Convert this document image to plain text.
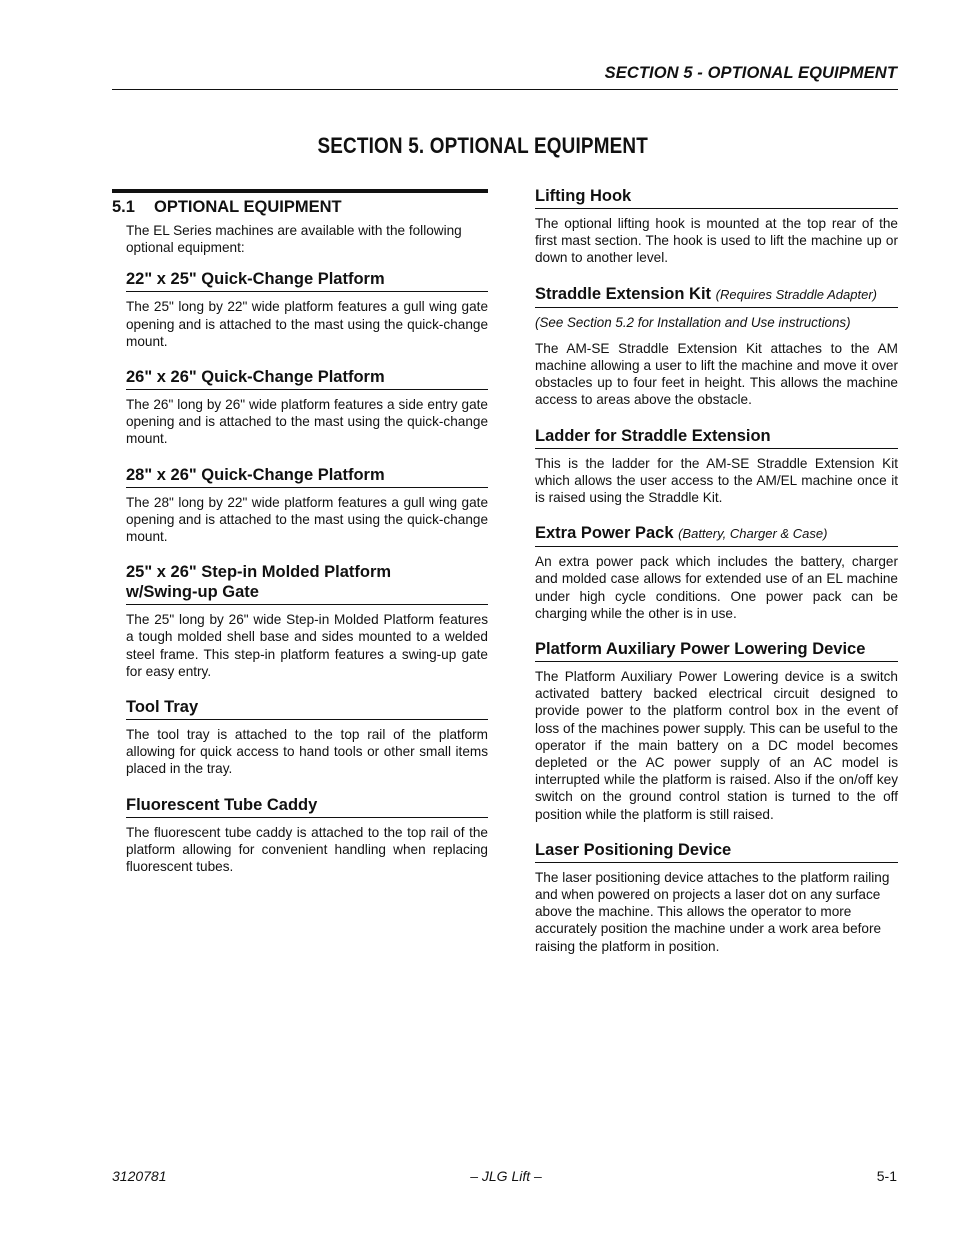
SECTION 5 - OPTIONAL EQUIPMENT
SECTION 5. OPTIONAL EQUIPMENT
5.1	OPTIONAL EQUIPMENT

The EL Series machines are available with the following optional equipment:

22" x 25" Quick-Change Platform

The 25" long by 22" wide platform features a gull wing gate opening and is attached to the mast using the quick-change mount.

26" x 26" Quick-Change Platform

The 26" long by 26" wide platform features a side entry gate opening and is attached to the mast using the quick-change mount.

28" x 26" Quick-Change Platform

The 28" long by 22" wide platform features a gull wing gate opening and is attached to the mast using the quick-change mount.

25" x 26" Step-in Molded Platform
w/Swing-up Gate

The 25" long by 26" wide Step-in Molded Platform features a tough molded shell base and sides mounted to a welded steel frame. This step-in platform features a swing-up gate for easy entry.

Tool Tray

The tool tray is attached to the top rail of the platform allowing for quick access to hand tools or other small items placed in the tray.

Fluorescent Tube Caddy

The fluorescent tube caddy is attached to the top rail of the platform allowing for convenient handling when replacing fluorescent tubes.

Lifting Hook

The optional lifting hook is mounted at the top rear of the first mast section. The hook is used to lift the machine up or down to another level.

Straddle Extension Kit (Requires Straddle Adapter)

(See Section 5.2 for Installation and Use instructions)

The AM-SE Straddle Extension Kit attaches to the AM machine allowing a user to lift the machine and move it over obstacles up to four feet in height. This allows the machine access to areas above the obstacle.

Ladder for Straddle Extension

This is the ladder for the AM-SE Straddle Extension Kit which allows the user access to the AM/EL machine once it is raised using the Straddle Kit.

Extra Power Pack (Battery, Charger & Case)

An extra power pack which includes the battery, charger and molded case allows for extended use of an EL machine under high cycle conditions. One power pack can be charging while the other is in use.

Platform Auxiliary Power Lowering Device

The Platform Auxiliary Power Lowering device is a switch activated battery backed electrical circuit designed to provide power to the platform control box in the event of loss of the machines power supply. This can be useful to the operator if the main battery on a DC model becomes depleted or the AC power supply of an AC model is interrupted while the platform is raised. Also if the on/off key switch on the ground control station is turned to the off position while the platform is still raised.

Laser Positioning Device

The laser positioning device attaches to the platform railing and when powered on projects a laser dot on any surface above the machine. This allows the operator to more accurately position the machine under a work area before raising the platform in position.

3120781	– JLG Lift –	5-1
